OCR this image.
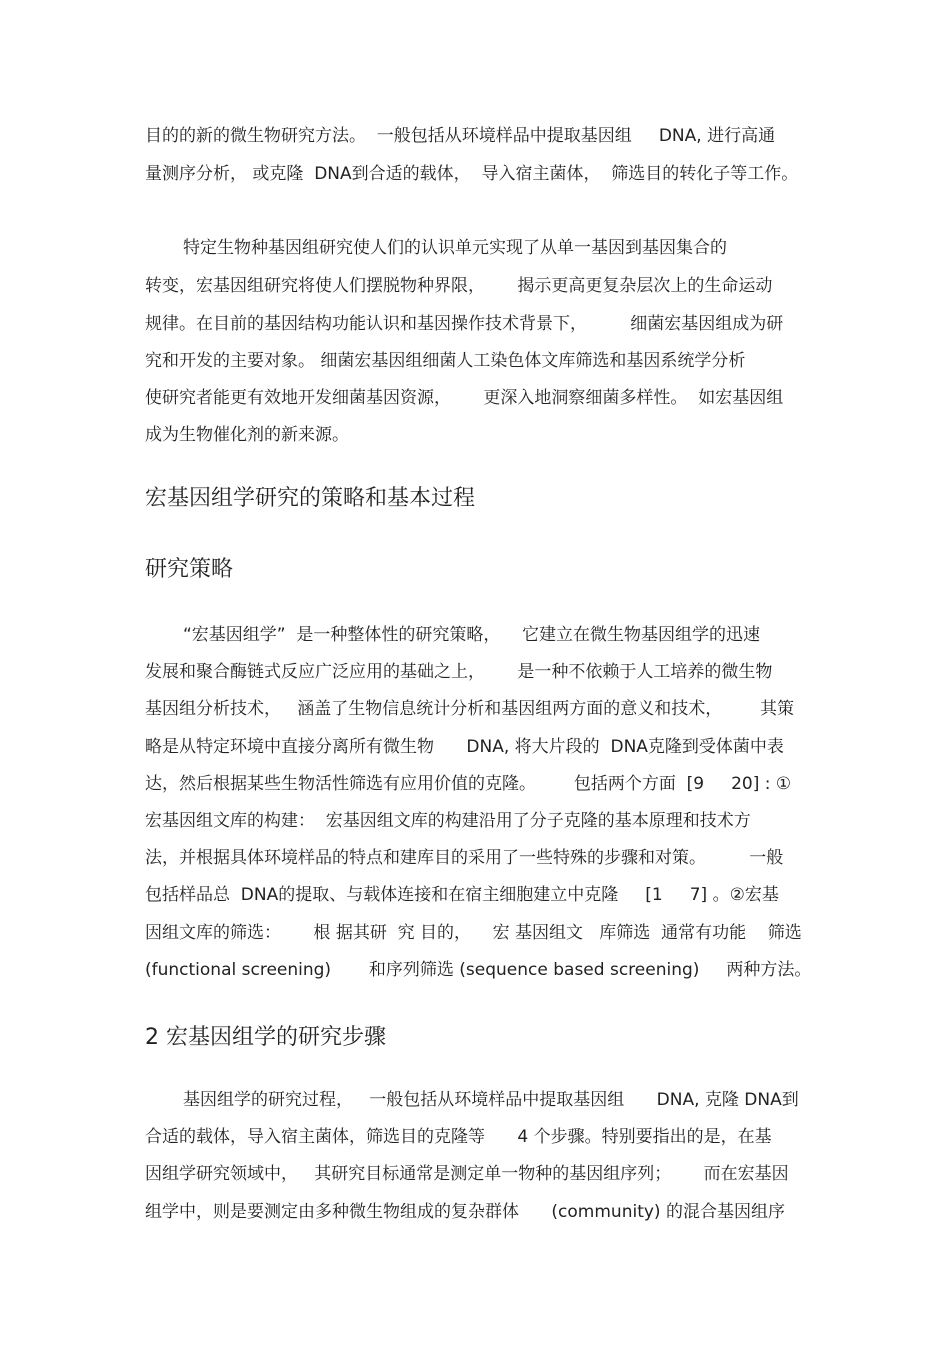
目的的新的微生物研究方法。  一般包括从环境样品中提取基因组     DNA, 进行高通
量测序分析， 或克隆  DNA到合适的载体，  导入宿主菌体，  筛选目的转化子等工作。
特定生物种基因组研究使人们的认识单元实现了从单一基因到基因集合的
转变，宏基因组研究将使人们摆脱物种界限，      揭示更高更复杂层次上的生命运动
规律。在目前的基因结构功能认识和基因操作技术背景下，        细菌宏基因组成为研
究和开发的主要对象。 细菌宏基因组细菌人工染色体文库筛选和基因系统学分析
使研究者能更有效地开发细菌基因资源，      更深入地洞察细菌多样性。  如宏基因组
成为生物催化剂的新来源。
宏基因组学研究的策略和基本过程
研究策略
“宏基因组学”  是一种整体性的研究策略，    它建立在微生物基因组学的迅速
发展和聚合酶链式反应广泛应用的基础之上，      是一种不依赖于人工培养的微生物
基因组分析技术，   涵盖了生物信息统计分析和基因组两方面的意义和技术，       其策
略是从特定环境中直接分离所有微生物      DNA, 将大片段的  DNA克隆到受体菌中表
达，然后根据某些生物活性筛选有应用价值的克隆。       包括两个方面  [9     20] : ①
宏基因组文库的构建：  宏基因组文库的构建沿用了分子克隆的基本原理和技术方
法，并根据具体环境样品的特点和建库目的采用了一些特殊的步骤和对策。        一般
包括样品总  DNA的提取、与载体连接和在宿主细胞建立中克隆     [1     7] 。②宏基
因组文库的筛选：      根 据其研  究 目的，    宏 基因组文   库筛选  通常有功能    筛选
(functional screening)       和序列筛选 (sequence based screening)     两种方法。
2 宏基因组学的研究步骤
基因组学的研究过程，   一般包括从环境样品中提取基因组      DNA, 克隆 DNA到
合适的载体，导入宿主菌体，筛选目的克隆等      4 个步骤。特别要指出的是，在基
因组学研究领域中，   其研究目标通常是测定单一物种的基因组序列；      而在宏基因
组学中，则是要测定由多种微生物组成的复杂群体      (community) 的混合基因组序
